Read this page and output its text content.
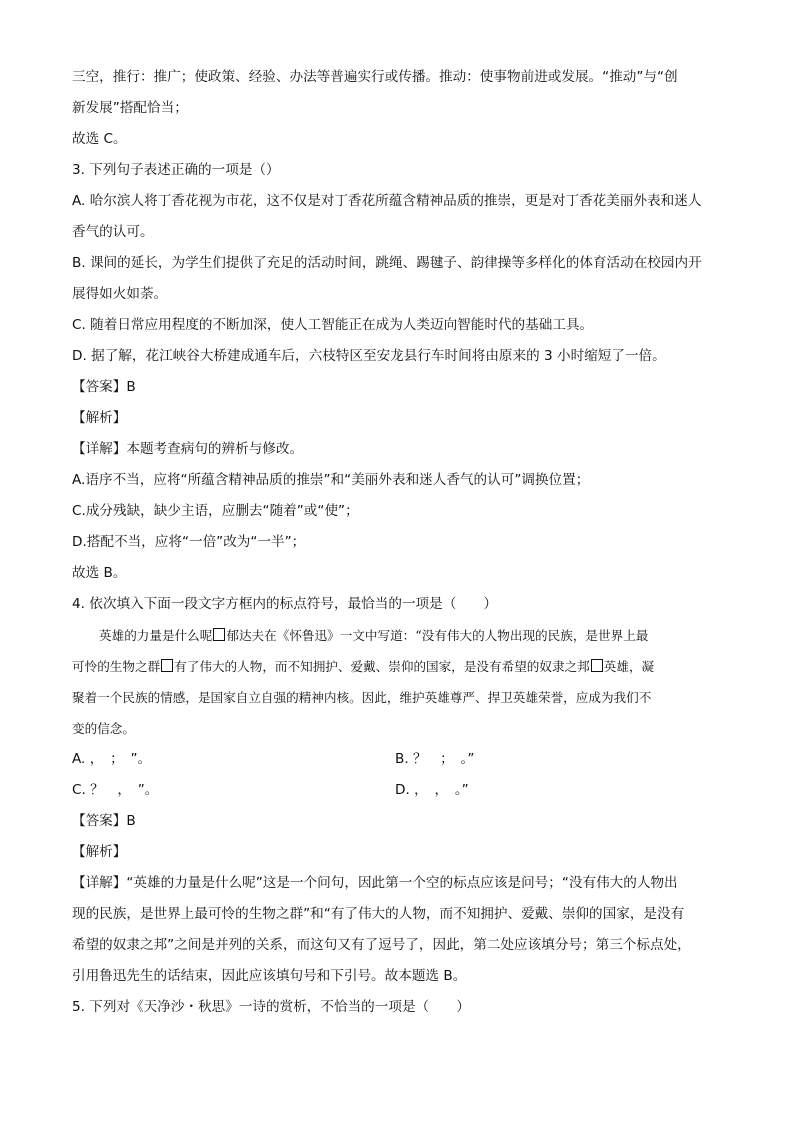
三空，推行：推广；使政策、经验、办法等普遍实行或传播。推动：使事物前进或发展。“推动”与“创
新发展”搭配恰当；
故选 C。
3. 下列句子表述正确的一项是（）
A. 哈尔滨人将丁香花视为市花，这不仅是对丁香花所蕴含精神品质的推崇，更是对丁香花美丽外表和迷人
香气的认可。
B. 课间的延长，为学生们提供了充足的活动时间，跳绳、踢毽子、韵律操等多样化的体育活动在校园内开
展得如火如荼。
C. 随着日常应用程度的不断加深，使人工智能正在成为人类迈向智能时代的基础工具。
D. 据了解，花江峡谷大桥建成通车后，六枝特区至安龙县行车时间将由原来的 3 小时缩短了一倍。
【答案】B
【解析】
【详解】本题考查病句的辨析与修改。
A.语序不当，应将“所蕴含精神品质的推崇”和“美丽外表和迷人香气的认可”调换位置；
C.成分残缺，缺少主语，应删去“随着”或“使”；
D.搭配不当，应将“一倍”改为“一半”；
故选 B。
4. 依次填入下面一段文字方框内的标点符号，最恰当的一项是（　　）
英雄的力量是什么呢 郁达夫在《怀鲁迅》一文中写道：“没有伟大的人物出现的民族，是世界上最
可怜的生物之群 有了伟大的人物，而不知拥护、爱戴、崇仰的国家，是没有希望的奴隶之邦 英雄，凝
聚着一个民族的情感，是国家自立自强的精神内核。因此，维护英雄尊严、捍卫英雄荣誉，应成为我们不
变的信念。
A. ，　；　”。	B. ？　；　。”
C. ？　，　”。	D. ，　，　。”
【答案】B
【解析】
【详解】“英雄的力量是什么呢”这是一个问句，因此第一个空的标点应该是问号；“没有伟大的人物出
现的民族，是世界上最可怜的生物之群”和“有了伟大的人物，而不知拥护、爱戴、崇仰的国家，是没有
希望的奴隶之邦”之间是并列的关系，而这句又有了逗号了，因此，第二处应该填分号；第三个标点处，
引用鲁迅先生的话结束，因此应该填句号和下引号。故本题选 B。
5. 下列对《天净沙・秋思》一诗的赏析，不恰当的一项是（　　）
